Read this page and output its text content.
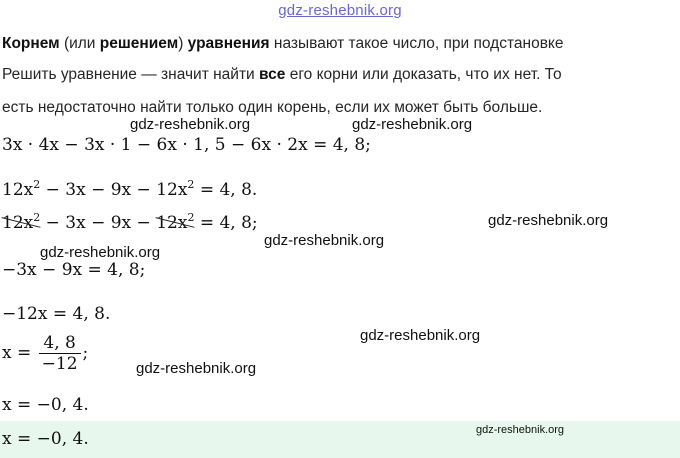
gdz-reshebnik.org
Корнем (или решением) уравнения называют такое число, при подстановке
Решить уравнение — значит найти все его корни или доказать, что их нет. То
есть недостаточно найти только один корень, если их может быть больше.
gdz-reshebnik.org	gdz-reshebnik.org
3x · 4x − 3x · 1 − 6x · 1, 5 − 6x · 2x = 4, 8;
$12x^2 - 3x - 9x - 12x^2 = 4$, 8.
$12x^2 - 3x - 9x - 12x^2 = 4$, 8;	gdz-reshebnik.org
gdz-reshebnik.org
gdz-reshebnik.org
−3x − 9x = 4, 8;
−12x = 4, 8.
gdz-reshebnik.org
$x = \frac{4, 8}{-12}$ ;
gdz-reshebnik.org
x = −0, 4.
x = −0, 4.	gdz-reshebnik.org
